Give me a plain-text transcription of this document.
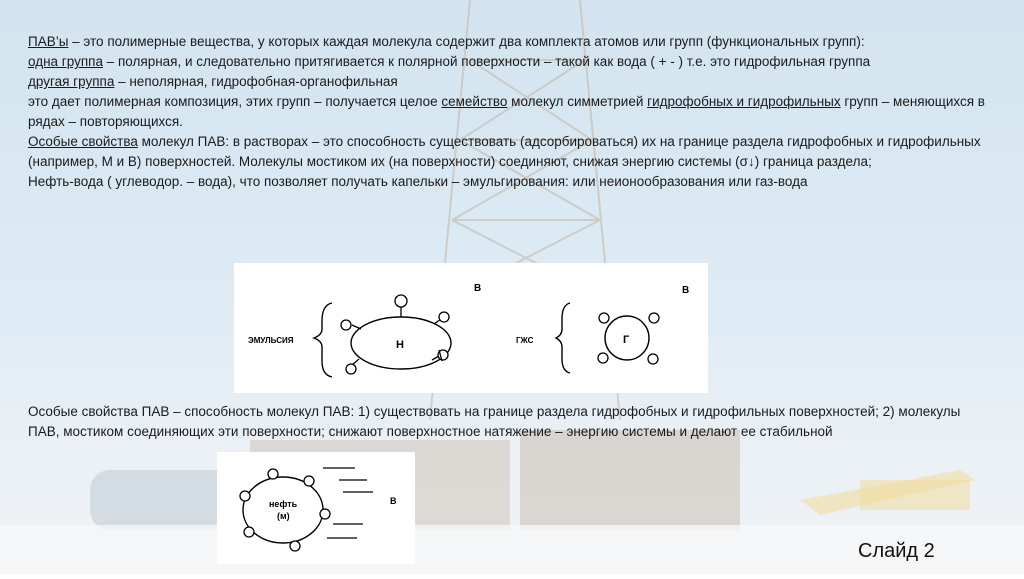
ПАВ’ы – это полимерные вещества, у которых каждая молекула содержит два комплекта атомов или групп (функциональных групп):

одна группа – полярная, и следовательно притягивается к полярной поверхности – такой как вода ( + - ) т.е. это гидрофильная группа

другая группа – неполярная, гидрофобная-органофильная

это дает полимерная композиция, этих групп – получается целое семейство молекул симметрией гидрофобных и гидрофильных групп – меняющихся в рядах – повторяющихся.

Особые свойства молекул ПАВ: в растворах – это способность существовать (адсорбироваться) их на границе раздела гидрофобных и гидрофильных (например, М и В) поверхностей. Молекулы мостиком их (на поверхности) соединяют, снижая энергию системы (σ↓) граница раздела;

Нефть-вода ( углеводор. – вода), что позволяет получать капельки – эмульгирования: или неионообразования или газ-вода

ЭМУЛЬСИЯ	Н
В
ГЖС	Г
В

Особые свойства ПАВ – способность молекул ПАВ: 1) существовать на границе раздела гидрофобных и гидрофильных поверхностей; 2) молекулы ПАВ, мостиком соединяющих эти поверхности; снижают поверхностное натяжение – энергию системы и делают ее стабильной

нефть
(м)
В
Слайд 2
